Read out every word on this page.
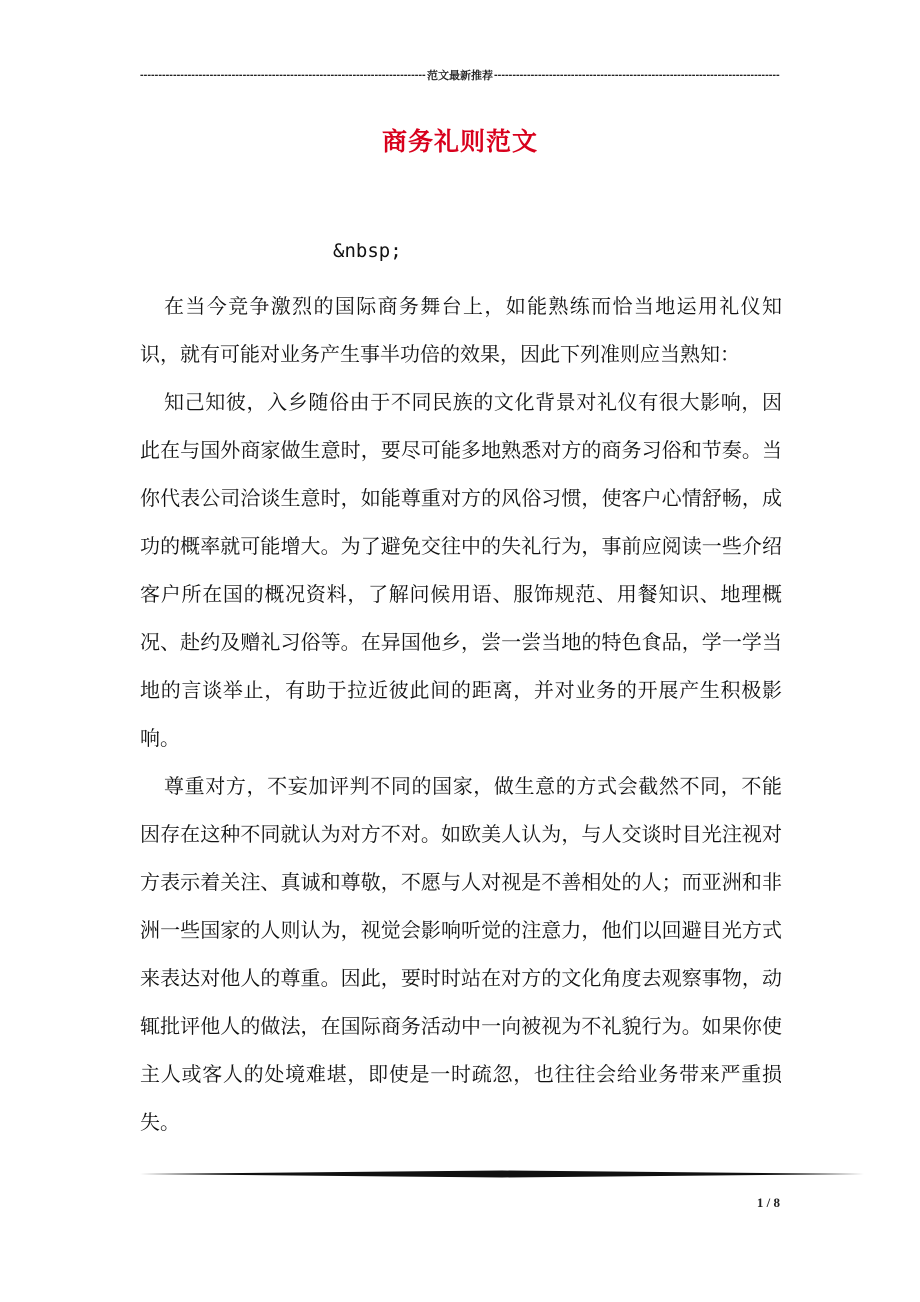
-----
范文最新推荐
-----
商务礼则范文
&nbsp;

在当今竞争激烈的国际商务舞台上，如能熟练而恰当地运用礼仪知识，就有可能对业务产生事半功倍的效果，因此下列准则应当熟知：

知己知彼，入乡随俗由于不同民族的文化背景对礼仪有很大影响，因此在与国外商家做生意时，要尽可能多地熟悉对方的商务习俗和节奏。当你代表公司洽谈生意时，如能尊重对方的风俗习惯，使客户心情舒畅，成功的概率就可能增大。为了避免交往中的失礼行为，事前应阅读一些介绍客户所在国的概况资料，了解问候用语、服饰规范、用餐知识、地理概况、赴约及赠礼习俗等。在异国他乡，尝一尝当地的特色食品，学一学当地的言谈举止，有助于拉近彼此间的距离，并对业务的开展产生积极影响。

尊重对方，不妄加评判不同的国家，做生意的方式会截然不同，不能因存在这种不同就认为对方不对。如欧美人认为，与人交谈时目光注视对方表示着关注、真诚和尊敬，不愿与人对视是不善相处的人；而亚洲和非洲一些国家的人则认为，视觉会影响听觉的注意力，他们以回避目光方式来表达对他人的尊重。因此，要时时站在对方的文化角度去观察事物，动辄批评他人的做法，在国际商务活动中一向被视为不礼貌行为。如果你使主人或客人的处境难堪，即使是一时疏忽，也往往会给业务带来严重损失。

1 / 8
